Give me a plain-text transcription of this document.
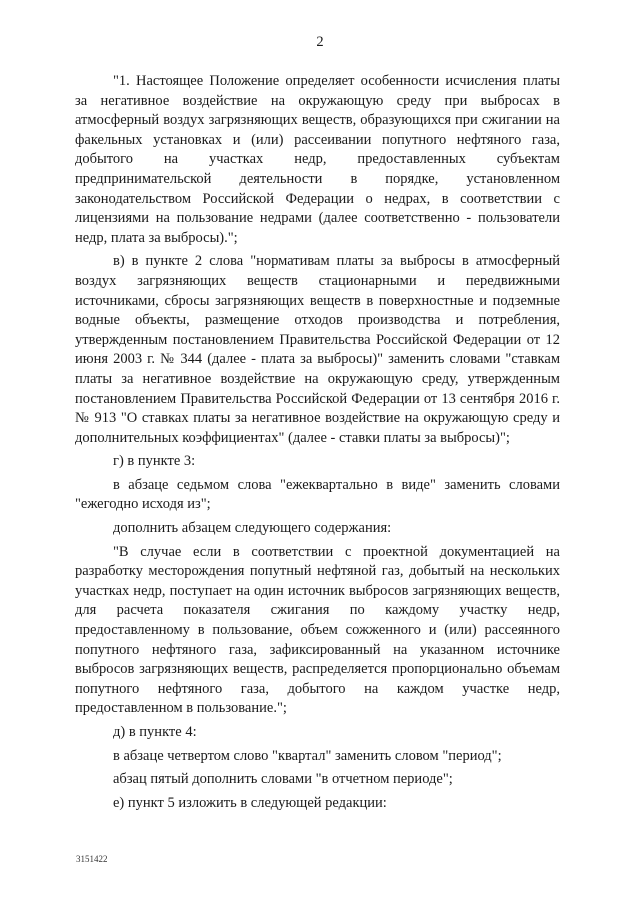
2

"1. Настоящее Положение определяет особенности исчисления платы за негативное воздействие на окружающую среду при выбросах в атмосферный воздух загрязняющих веществ, образующихся при сжигании на факельных установках и (или) рассеивании попутного нефтяного газа, добытого на участках недр, предоставленных субъектам предпринимательской деятельности в порядке, установленном законодательством Российской Федерации о недрах, в соответствии с лицензиями на пользование недрами (далее соответственно - пользователи недр, плата за выбросы).";

в) в пункте 2 слова "нормативам платы за выбросы в атмосферный воздух загрязняющих веществ стационарными и передвижными источниками, сбросы загрязняющих веществ в поверхностные и подземные водные объекты, размещение отходов производства и потребления, утвержденным постановлением Правительства Российской Федерации от 12 июня 2003 г. № 344 (далее - плата за выбросы)" заменить словами "ставкам платы за негативное воздействие на окружающую среду, утвержденным постановлением Правительства Российской Федерации от 13 сентября 2016 г. № 913 "О ставках платы за негативное воздействие на окружающую среду и дополнительных коэффициентах" (далее - ставки платы за выбросы)";

г) в пункте 3:

в абзаце седьмом слова "ежеквартально в виде" заменить словами "ежегодно исходя из";

дополнить абзацем следующего содержания:

"В случае если в соответствии с проектной документацией на разработку месторождения попутный нефтяной газ, добытый на нескольких участках недр, поступает на один источник выбросов загрязняющих веществ, для расчета показателя сжигания по каждому участку недр, предоставленному в пользование, объем сожженного и (или) рассеянного попутного нефтяного газа, зафиксированный на указанном источнике выбросов загрязняющих веществ, распределяется пропорционально объемам попутного нефтяного газа, добытого на каждом участке недр, предоставленном в пользование.";

д) в пункте 4:

в абзаце четвертом слово "квартал" заменить словом "период";

абзац пятый дополнить словами "в отчетном периоде";

е) пункт 5 изложить в следующей редакции:

3151422
